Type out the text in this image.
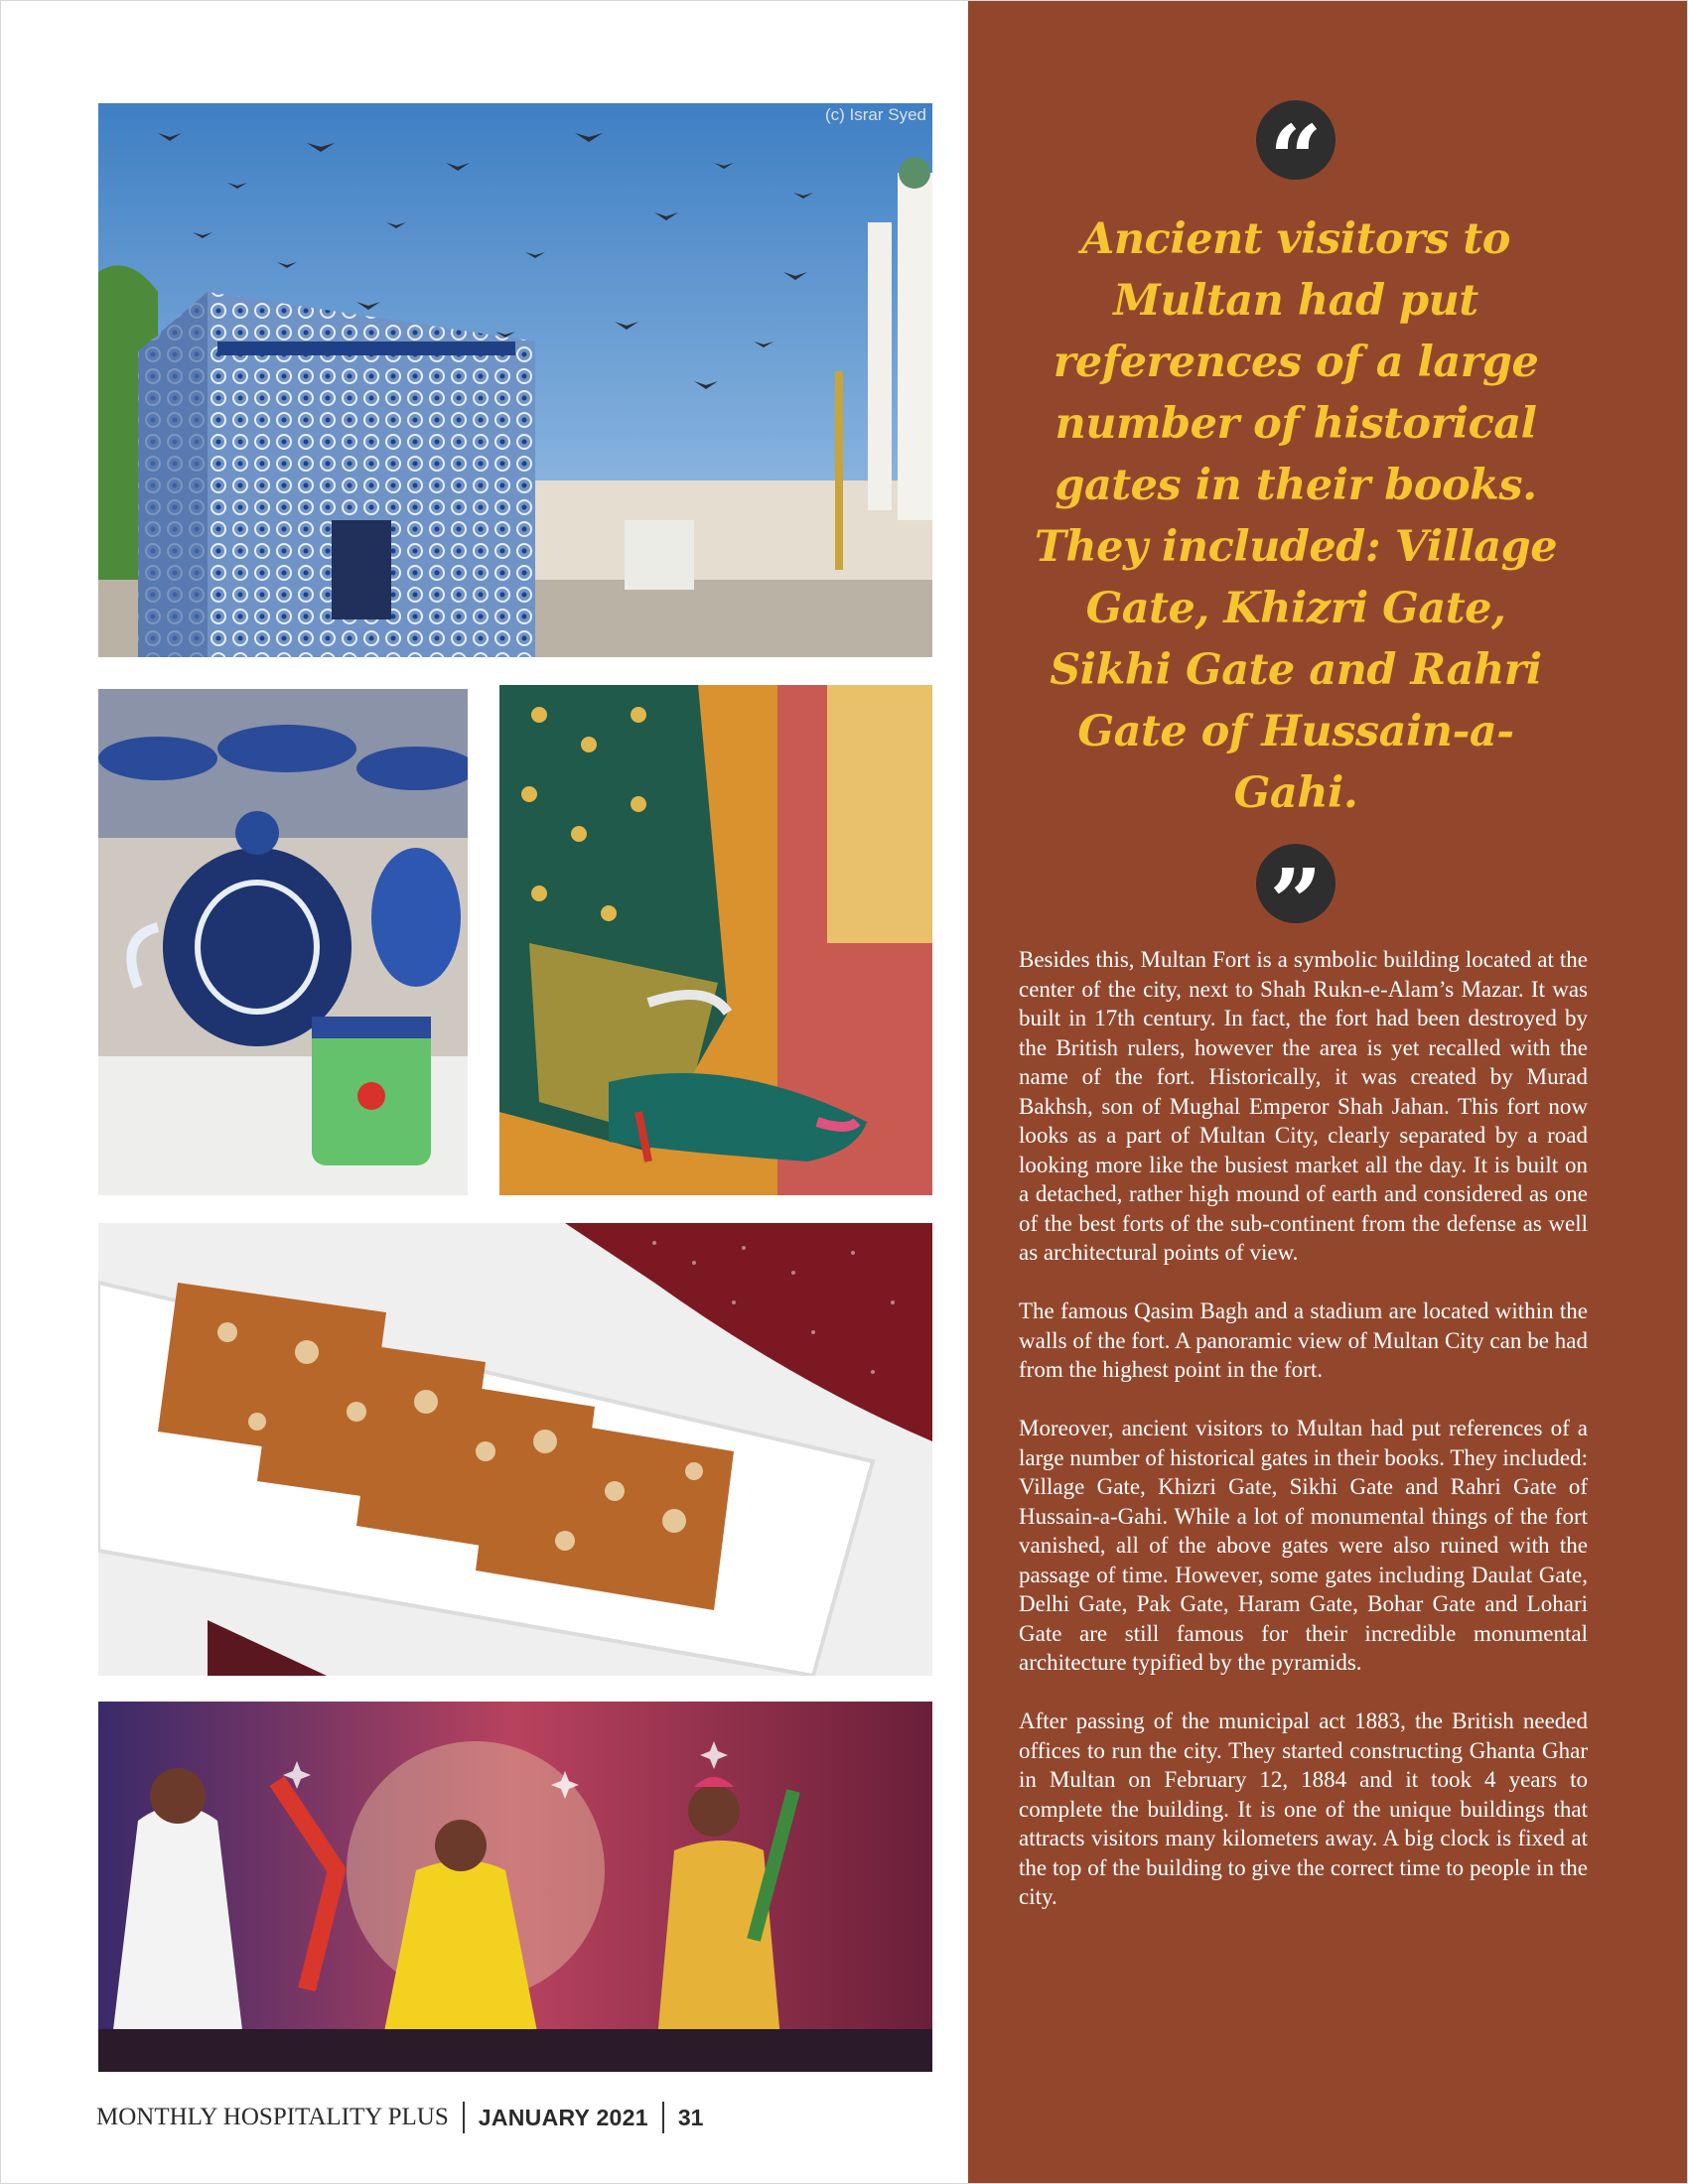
(c) Israr Syed
MONTHLY HOSPITALITY PLUS JANUARY 2021 31
“
Ancient visitors to Multan had put references of a large number of historical gates in their books. They included: Village Gate, Khizri Gate, Sikhi Gate and Rahri Gate of Hussain-a-Gahi.
”

Besides this, Multan Fort is a symbolic building located at the center of the city, next to Shah Rukn-e-Alam’s Mazar. It was built in 17th century. In fact, the fort had been destroyed by the British rulers, however the area is yet recalled with the name of the fort. Historically, it was created by Murad Bakhsh, son of Mughal Emperor Shah Jahan. This fort now looks as a part of Multan City, clearly separated by a road looking more like the busiest market all the day. It is built on a detached, rather high mound of earth and considered as one of the best forts of the sub-continent from the defense as well as architectural points of view.

The famous Qasim Bagh and a stadium are located within the walls of the fort. A panoramic view of Multan City can be had from the highest point in the fort.

Moreover, ancient visitors to Multan had put references of a large number of historical gates in their books. They included: Village Gate, Khizri Gate, Sikhi Gate and Rahri Gate of Hussain-a-Gahi. While a lot of monumental things of the fort vanished, all of the above gates were also ruined with the passage of time. However, some gates including Daulat Gate, Delhi Gate, Pak Gate, Haram Gate, Bohar Gate and Lohari Gate are still famous for their incredible monumental architecture typified by the pyramids.

After passing of the municipal act 1883, the British needed offices to run the city. They started constructing Ghanta Ghar in Multan on February 12, 1884 and it took 4 years to complete the building. It is one of the unique buildings that attracts visitors many kilometers away. A big clock is fixed at the top of the building to give the correct time to people in the city.
